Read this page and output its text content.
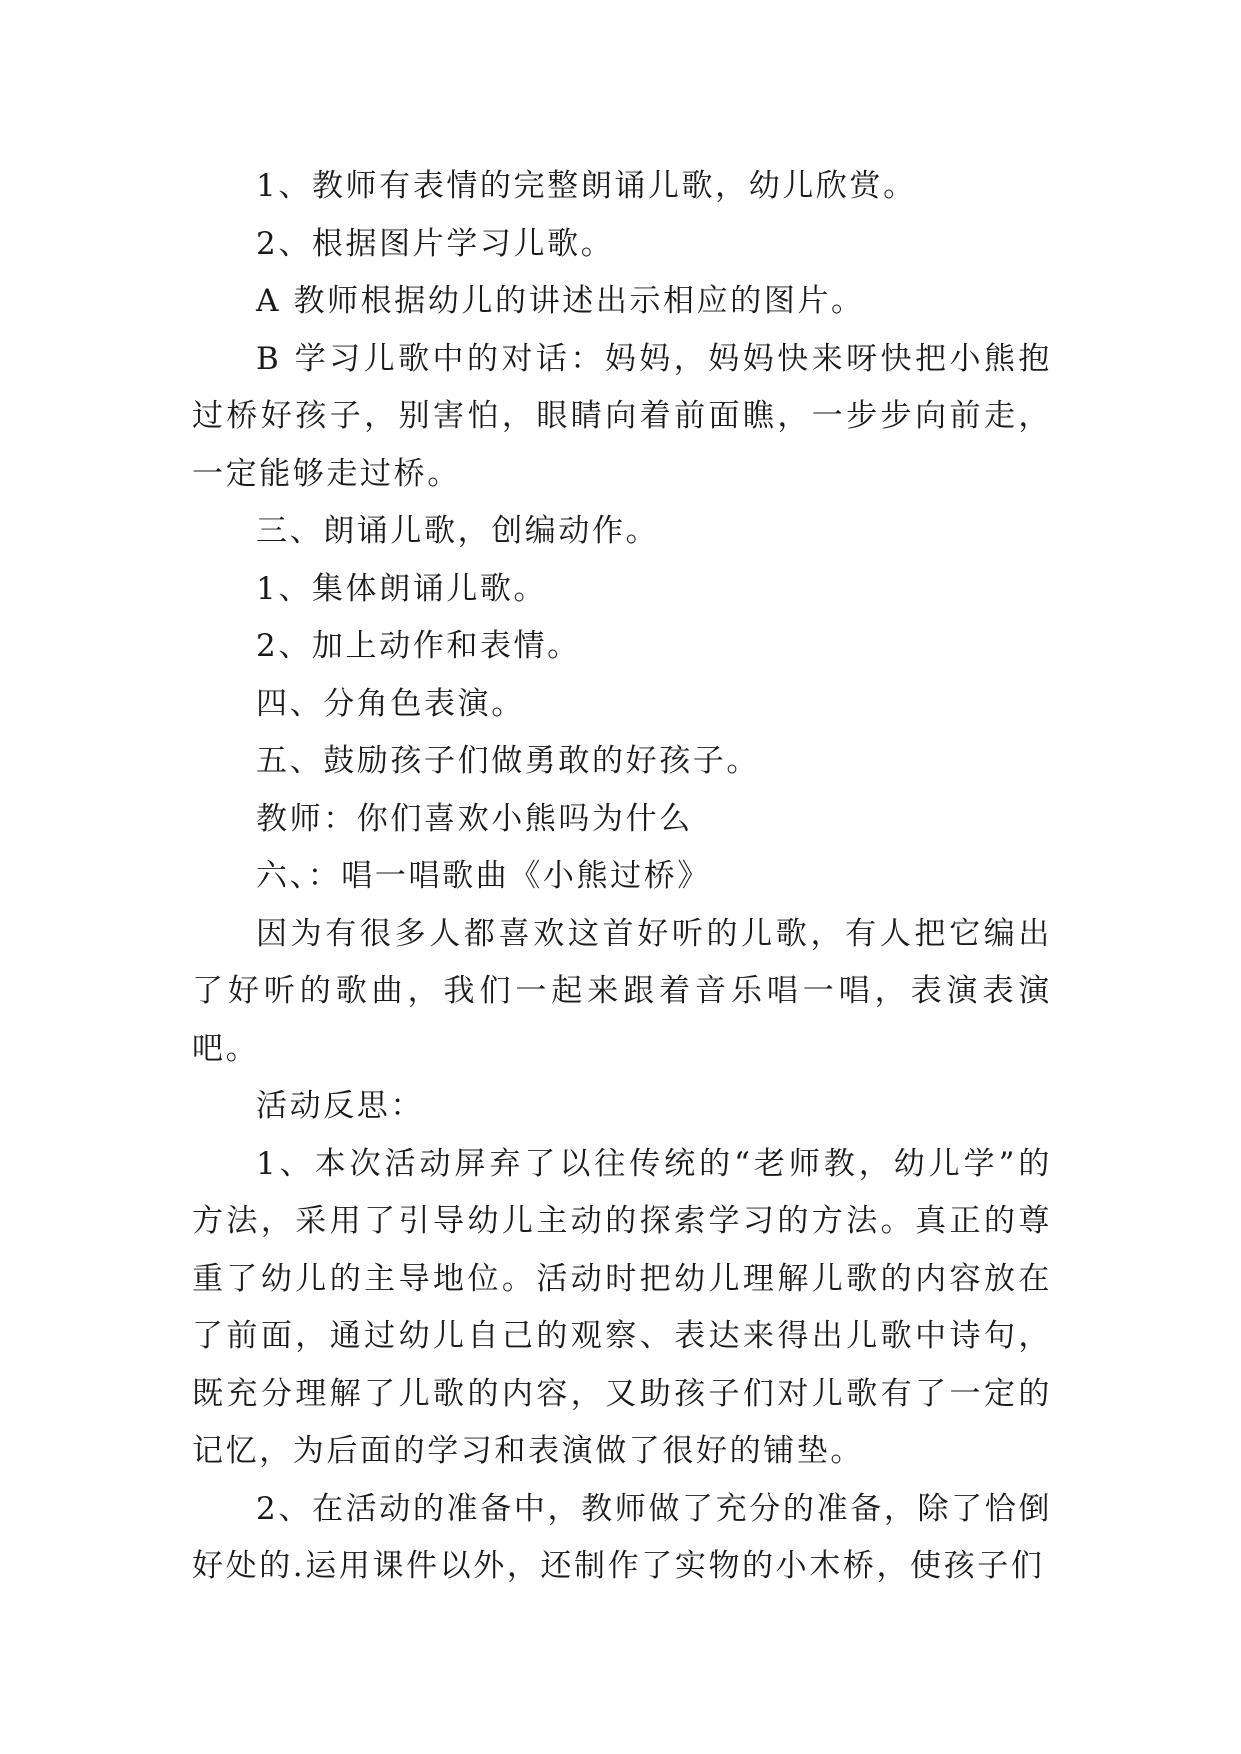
1、教师有表情的完整朗诵儿歌，幼儿欣赏。

2、根据图片学习儿歌。

A 教师根据幼儿的讲述出示相应的图片。

B 学习儿歌中的对话：妈妈，妈妈快来呀快把小熊抱过桥好孩子，别害怕，眼睛向着前面瞧，一步步向前走，一定能够走过桥。

三、朗诵儿歌，创编动作。

1、集体朗诵儿歌。

2、加上动作和表情。

四、分角色表演。

五、鼓励孩子们做勇敢的好孩子。

教师：你们喜欢小熊吗为什么

六、：唱一唱歌曲《小熊过桥》

因为有很多人都喜欢这首好听的儿歌，有人把它编出了好听的歌曲，我们一起来跟着音乐唱一唱，表演表演吧。

活动反思：

1、本次活动屏弃了以往传统的“老师教，幼儿学”的方法，采用了引导幼儿主动的探索学习的方法。真正的尊重了幼儿的主导地位。活动时把幼儿理解儿歌的内容放在了前面，通过幼儿自己的观察、表达来得出儿歌中诗句，既充分理解了儿歌的内容，又助孩子们对儿歌有了一定的记忆，为后面的学习和表演做了很好的铺垫。

2、在活动的准备中，教师做了充分的准备，除了恰倒好处的.运用课件以外，还制作了实物的小木桥，使孩子们
